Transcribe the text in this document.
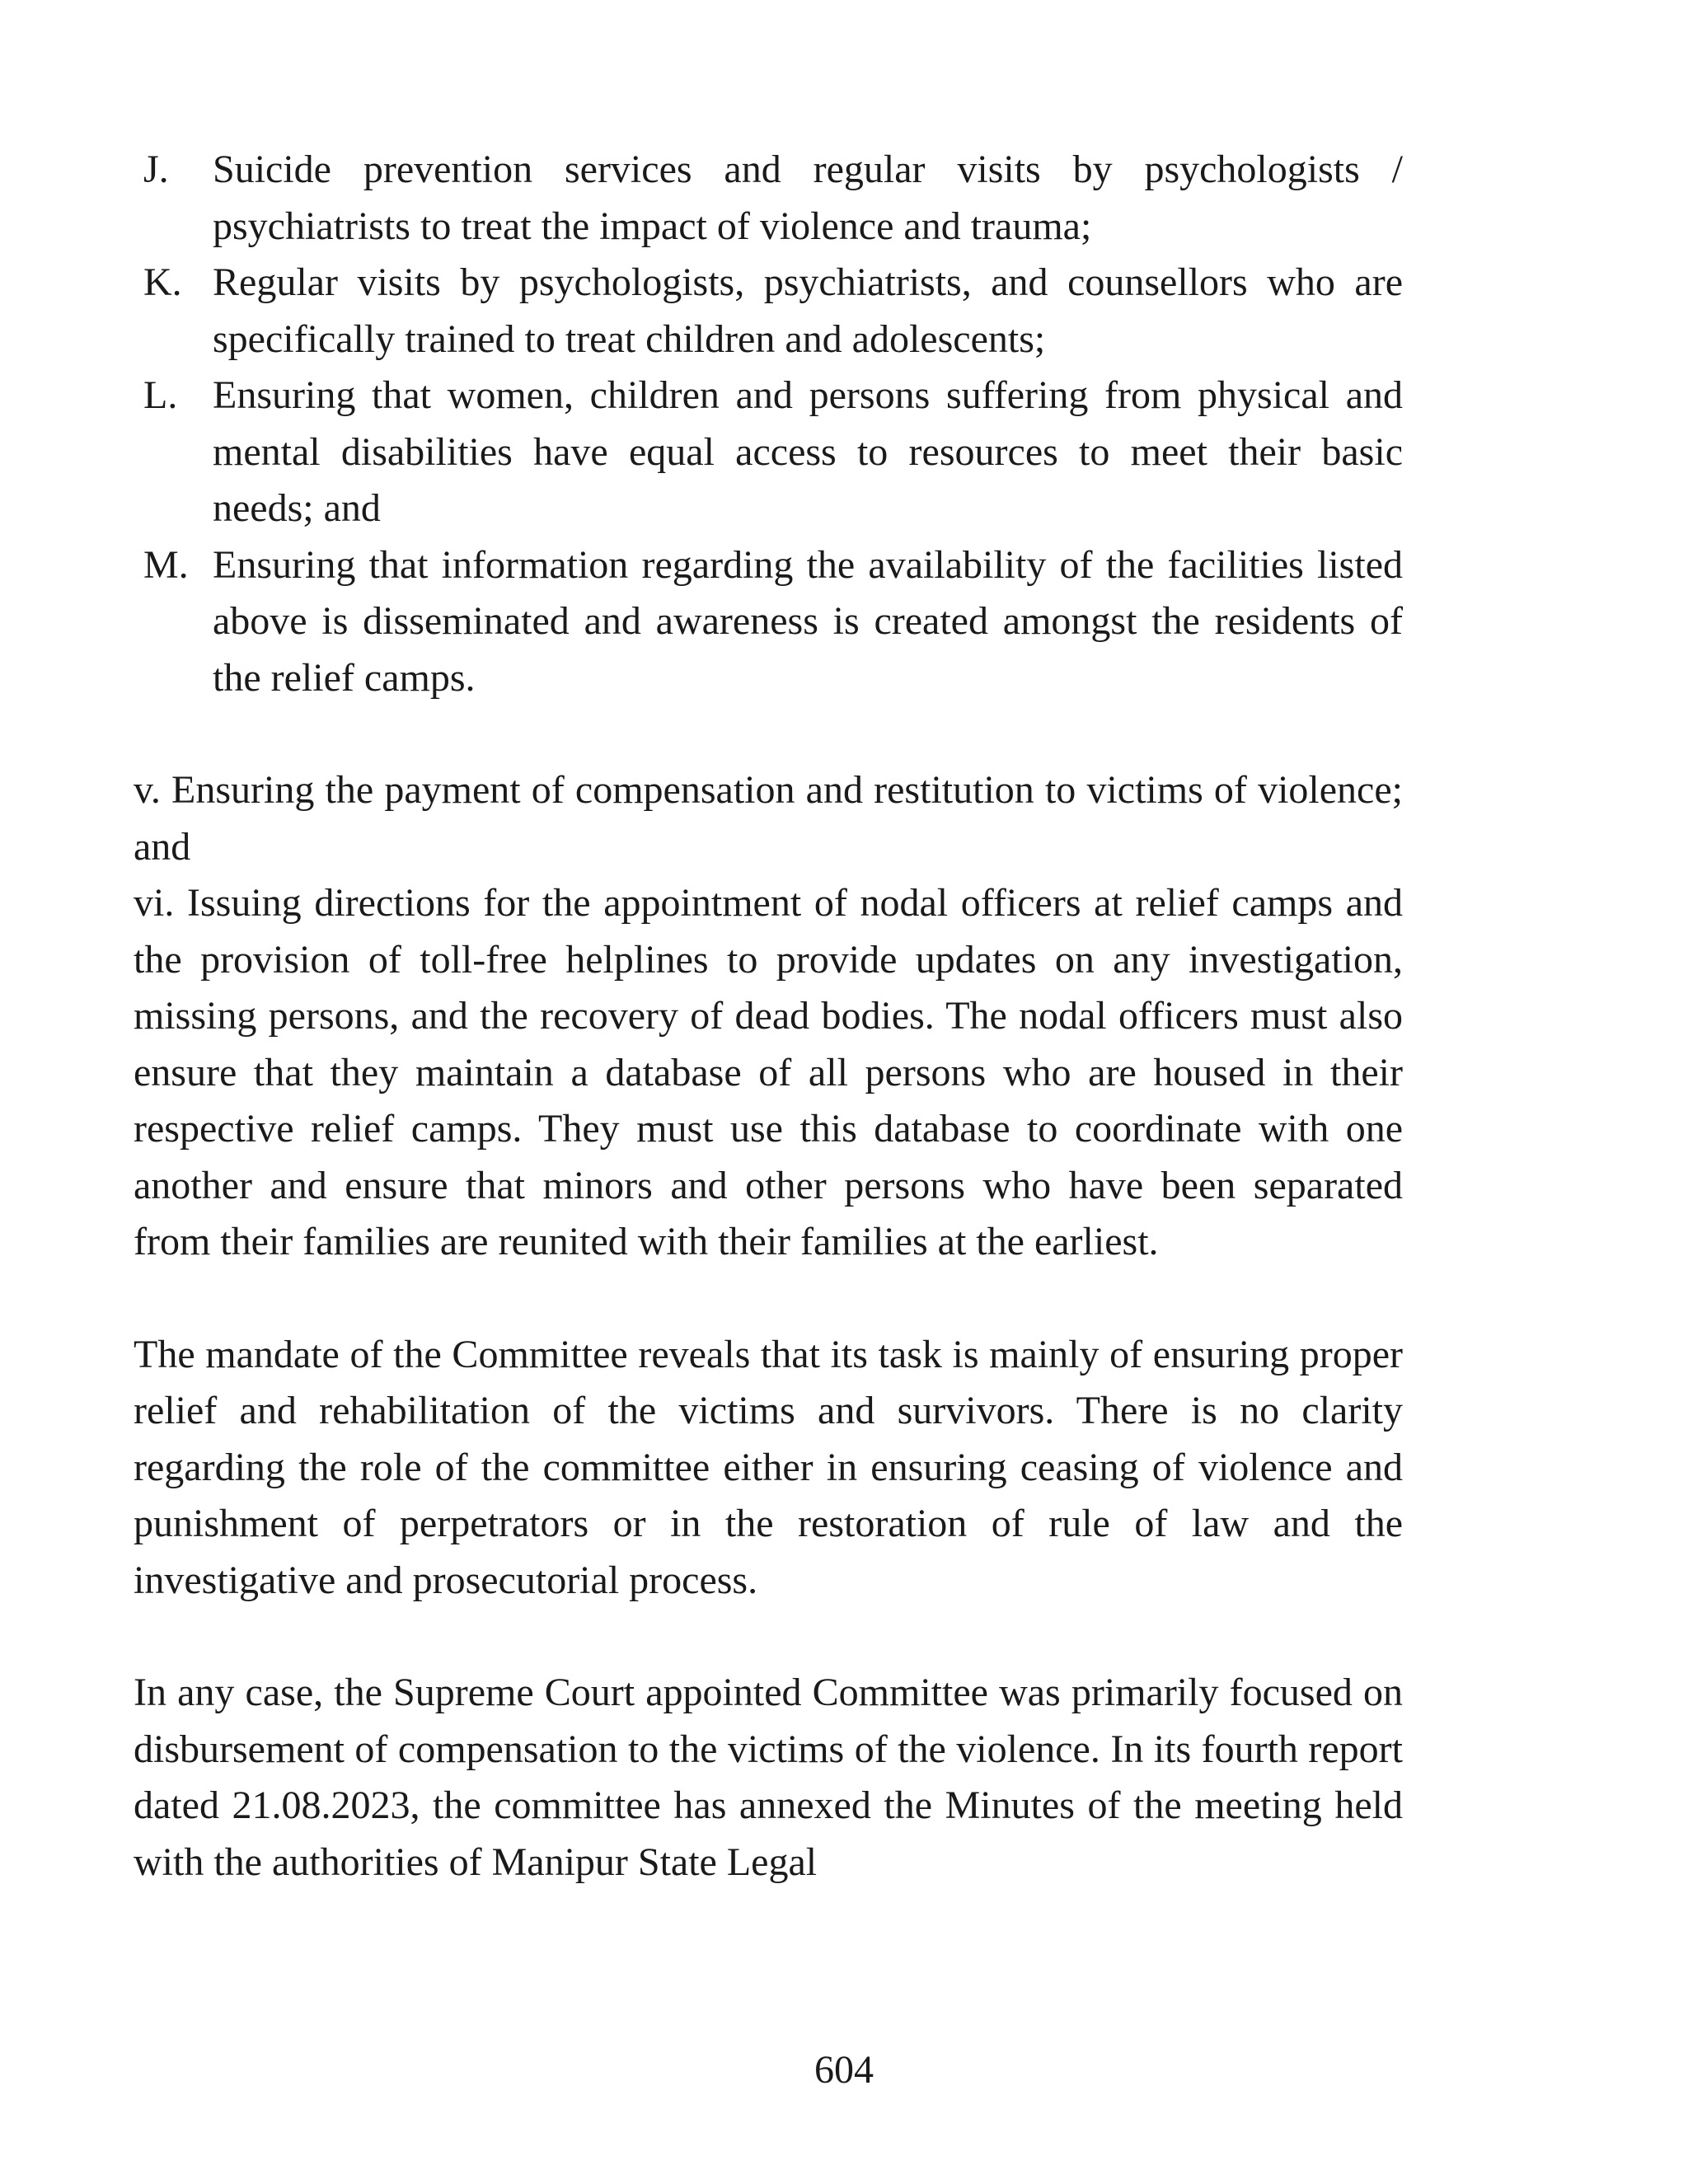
J.	Suicide prevention services and regular visits by psychologists / psychiatrists to treat the impact of violence and trauma;
K. Regular visits by psychologists, psychiatrists, and counsellors who are specifically trained to treat children and adolescents;
L. Ensuring that women, children and persons suffering from physical and mental disabilities have equal access to resources to meet their basic needs; and
M. Ensuring that information regarding the availability of the facilities listed above is disseminated and awareness is created amongst the residents of the relief camps.
v. Ensuring the payment of compensation and restitution to victims of violence; and
vi. Issuing directions for the appointment of nodal officers at relief camps and the provision of toll-free helplines to provide updates on any investigation, missing persons, and the recovery of dead bodies. The nodal officers must also ensure that they maintain a database of all persons who are housed in their respective relief camps. They must use this database to coordinate with one another and ensure that minors and other persons who have been separated from their families are reunited with their families at the earliest.

The mandate of the Committee reveals that its task is mainly of ensuring proper relief and rehabilitation of the victims and survivors. There is no clarity regarding the role of the committee either in ensuring ceasing of violence and punishment of perpetrators or in the restoration of rule of law and the investigative and prosecutorial process.

In any case, the Supreme Court appointed Committee was primarily focused on disbursement of compensation to the victims of the violence. In its fourth report dated 21.08.2023, the committee has annexed the Minutes of the meeting held with the authorities of Manipur State Legal

604
